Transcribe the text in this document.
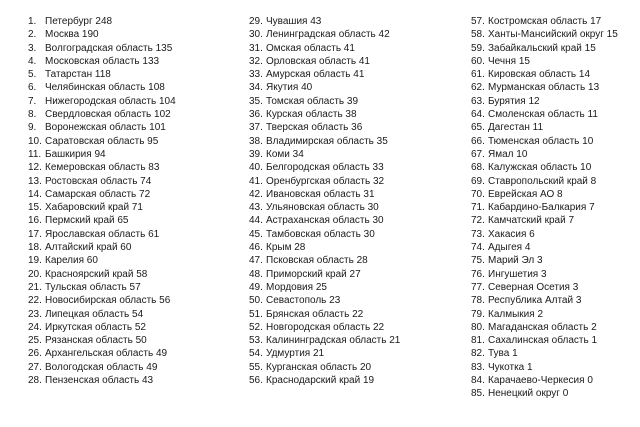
1. Петербург 248
2. Москва 190
3. Волгоградская область 135
4. Московская область 133
5. Татарстан 118
6. Челябинская область 108
7. Нижегородская область 104
8. Свердловская область 102
9. Воронежская область 101
10. Саратовская область 95
11. Башкирия 94
12. Кемеровская область 83
13. Ростовская область 74
14. Самарская область 72
15. Хабаровский край 71
16. Пермский край 65
17. Ярославская область 61
18. Алтайский край 60
19. Карелия 60
20. Красноярский край 58
21. Тульская область 57
22. Новосибирская область 56
23. Липецкая область 54
24. Иркутская область 52
25. Рязанская область 50
26. Архангельская область 49
27. Вологодская область 49
28. Пензенская область 43
29. Чувашия 43
30. Ленинградская область 42
31. Омская область 41
32. Орловская область 41
33. Амурская область 41
34. Якутия 40
35. Томская область 39
36. Курская область 38
37. Тверская область 36
38. Владимирская область 35
39. Коми 34
40. Белгородская область 33
41. Оренбургская область 32
42. Ивановская область 31
43. Ульяновская область 30
44. Астраханская область 30
45. Тамбовская область 30
46. Крым 28
47. Псковская область 28
48. Приморский край 27
49. Мордовия 25
50. Севастополь 23
51. Брянская область 22
52. Новгородская область 22
53. Калининградская область 21
54. Удмуртия 21
55. Курганская область 20
56. Краснодарский край 19
57. Костромская область 17
58. Ханты-Мансийский округ 15
59. Забайкальский край 15
60. Чечня 15
61. Кировская область 14
62. Мурманская область 13
63. Бурятия 12
64. Смоленская область 11
65. Дагестан 11
66. Тюменская область 10
67. Ямал 10
68. Калужская область 10
69. Ставропольский край 8
70. Еврейская АО 8
71. Кабардино-Балкария 7
72. Камчатский край 7
73. Хакасия 6
74. Адыгея 4
75. Марий Эл 3
76. Ингушетия 3
77. Северная Осетия 3
78. Республика Алтай 3
79. Калмыкия 2
80. Магаданская область 2
81. Сахалинская область 1
82. Тува 1
83. Чукотка 1
84. Карачаево-Черкесия 0
85. Ненецкий округ 0
